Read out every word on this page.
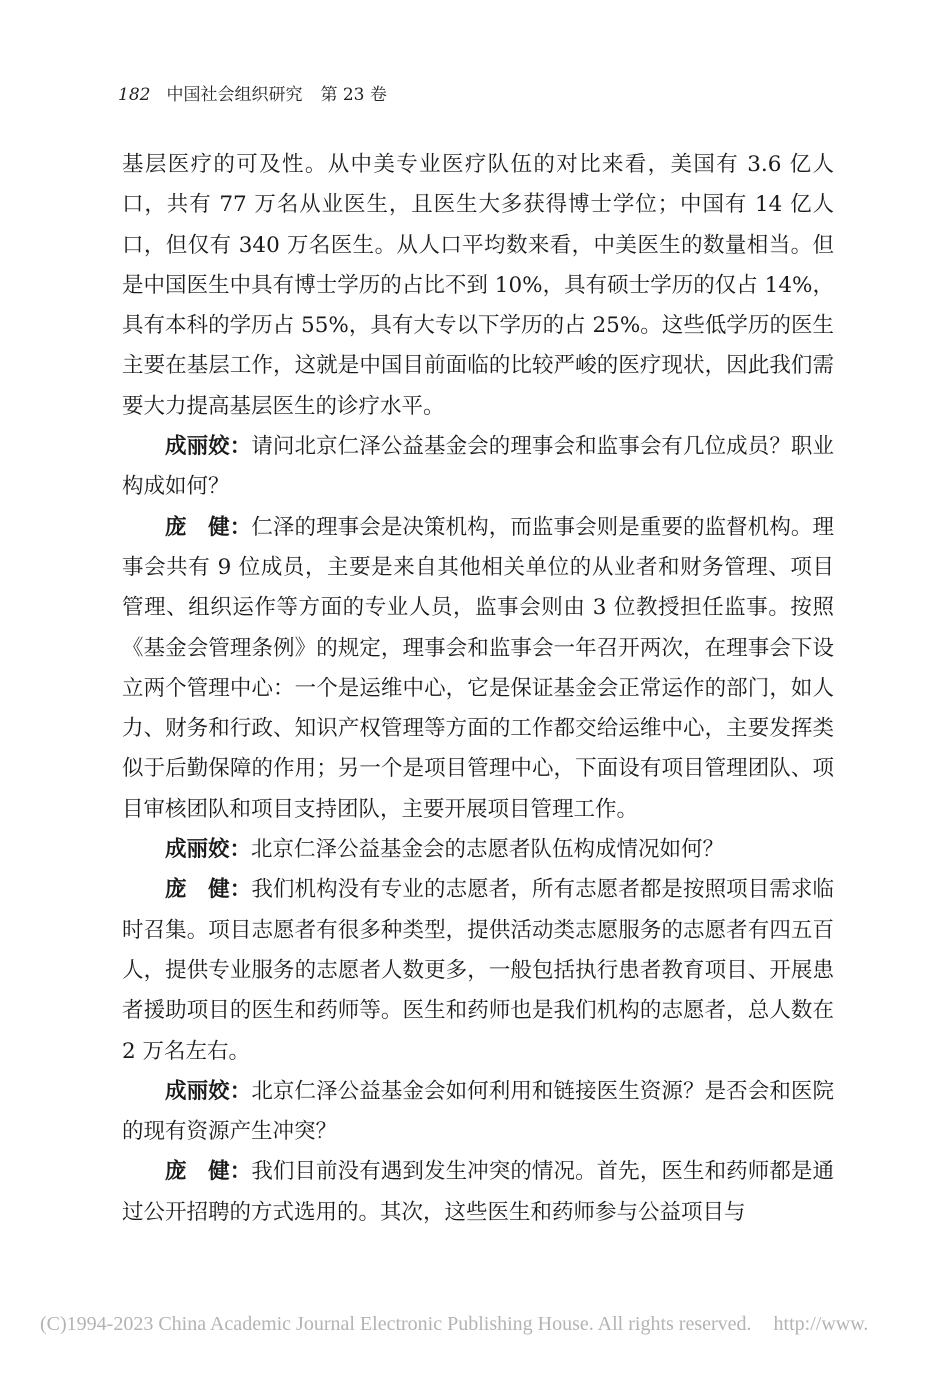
182 中国社会组织研究 第 23 卷

基层医疗的可及性。从中美专业医疗队伍的对比来看，美国有 3.6 亿人口，共有 77 万名从业医生，且医生大多获得博士学位；中国有 14 亿人口，但仅有 340 万名医生。从人口平均数来看，中美医生的数量相当。但是中国医生中具有博士学历的占比不到 10%，具有硕士学历的仅占 14%，具有本科的学历占 55%，具有大专以下学历的占 25%。这些低学历的医生主要在基层工作，这就是中国目前面临的比较严峻的医疗现状，因此我们需要大力提高基层医生的诊疗水平。

成丽姣：请问北京仁泽公益基金会的理事会和监事会有几位成员？职业构成如何？

庞　健：仁泽的理事会是决策机构，而监事会则是重要的监督机构。理事会共有 9 位成员，主要是来自其他相关单位的从业者和财务管理、项目管理、组织运作等方面的专业人员，监事会则由 3 位教授担任监事。按照《基金会管理条例》的规定，理事会和监事会一年召开两次，在理事会下设立两个管理中心：一个是运维中心，它是保证基金会正常运作的部门，如人力、财务和行政、知识产权管理等方面的工作都交给运维中心，主要发挥类似于后勤保障的作用；另一个是项目管理中心，下面设有项目管理团队、项目审核团队和项目支持团队，主要开展项目管理工作。

成丽姣：北京仁泽公益基金会的志愿者队伍构成情况如何？

庞　健：我们机构没有专业的志愿者，所有志愿者都是按照项目需求临时召集。项目志愿者有很多种类型，提供活动类志愿服务的志愿者有四五百人，提供专业服务的志愿者人数更多，一般包括执行患者教育项目、开展患者援助项目的医生和药师等。医生和药师也是我们机构的志愿者，总人数在 2 万名左右。

成丽姣：北京仁泽公益基金会如何利用和链接医生资源？是否会和医院的现有资源产生冲突？

庞　健：我们目前没有遇到发生冲突的情况。首先，医生和药师都是通过公开招聘的方式选用的。其次，这些医生和药师参与公益项目与

(C)1994-2023 China Academic Journal Electronic Publishing House. All rights reserved. http://www.
